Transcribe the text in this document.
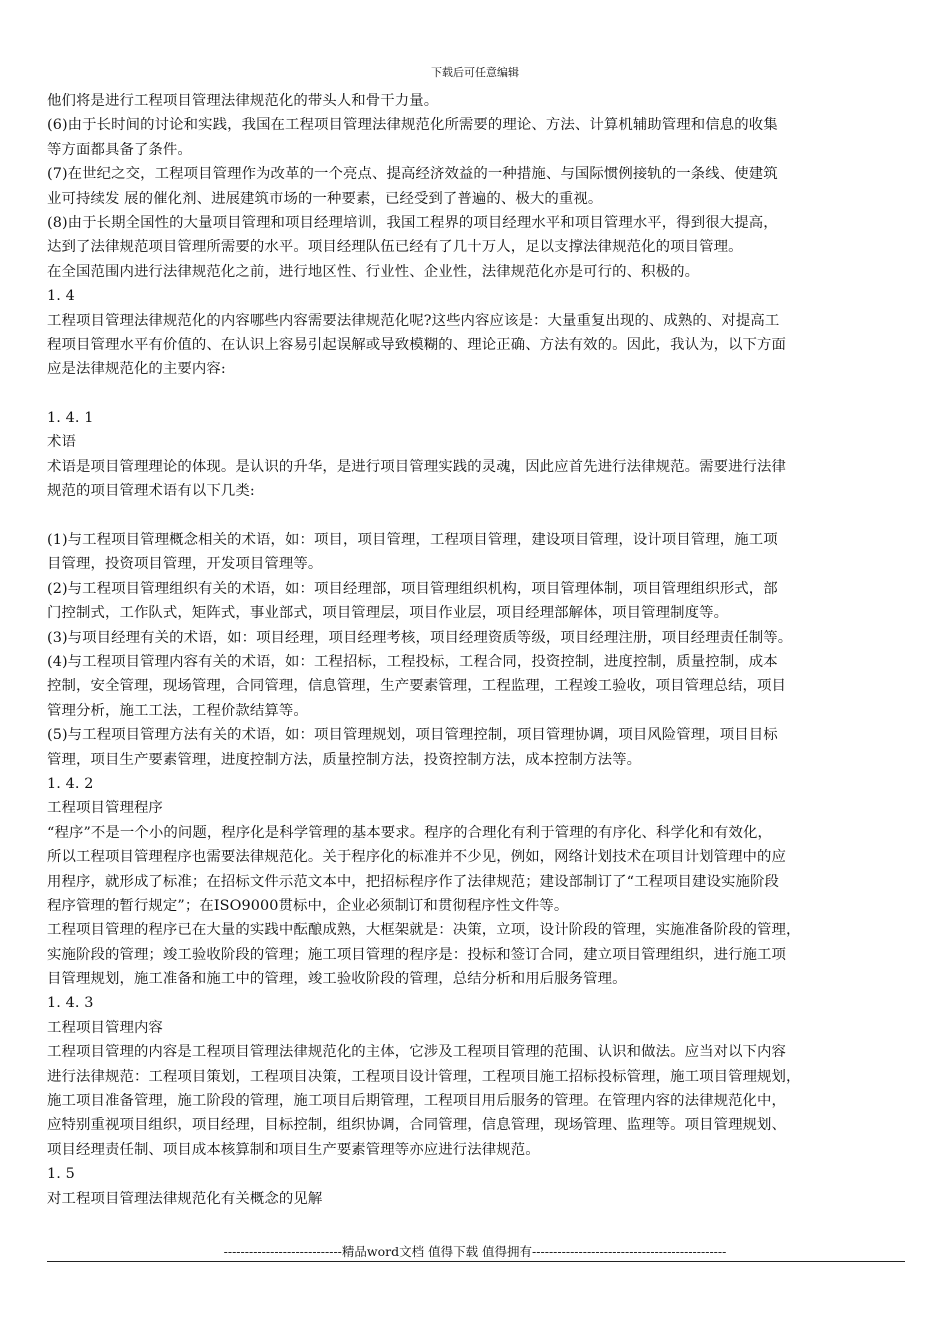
下载后可任意编辑
他们将是进行工程项目管理法律规范化的带头人和骨干力量。
(6)由于长时间的讨论和实践，我国在工程项目管理法律规范化所需要的理论、方法、计算机辅助管理和信息的收集
等方面都具备了条件。
(7)在世纪之交，工程项目管理作为改革的一个亮点、提高经济效益的一种措施、与国际惯例接轨的一条线、使建筑
业可持续发 展的催化剂、进展建筑市场的一种要素，已经受到了普遍的、极大的重视。
(8)由于长期全国性的大量项目管理和项目经理培训，我国工程界的项目经理水平和项目管理水平，得到很大提高，
达到了法律规范项目管理所需要的水平。项目经理队伍已经有了几十万人，足以支撑法律规范化的项目管理。
在全国范围内进行法律规范化之前，进行地区性、行业性、企业性，法律规范化亦是可行的、积极的。
1. 4
工程项目管理法律规范化的内容哪些内容需要法律规范化呢?这些内容应该是：大量重复出现的、成熟的、对提高工
程项目管理水平有价值的、在认识上容易引起误解或导致模糊的、理论正确、方法有效的。因此，我认为，以下方面
应是法律规范化的主要内容:
1. 4. 1
术语
术语是项目管理理论的体现。是认识的升华，是进行项目管理实践的灵魂，因此应首先进行法律规范。需要进行法律
规范的项目管理术语有以下几类:
(1)与工程项目管理概念相关的术语，如：项目，项目管理，工程项目管理，建设项目管理，设计项目管理，施工项
目管理，投资项目管理，开发项目管理等。
(2)与工程项目管理组织有关的术语，如：项目经理部，项目管理组织机构，项目管理体制，项目管理组织形式，部
门控制式，工作队式，矩阵式，事业部式，项目管理层，项目作业层，项目经理部解体，项目管理制度等。
(3)与项目经理有关的术语，如：项目经理，项目经理考核，项目经理资质等级，项目经理注册，项目经理责任制等。
(4)与工程项目管理内容有关的术语，如：工程招标，工程投标，工程合同，投资控制，进度控制，质量控制，成本
控制，安全管理，现场管理，合同管理，信息管理，生产要素管理，工程监理，工程竣工验收，项目管理总结，项目
管理分析，施工工法，工程价款结算等。
(5)与工程项目管理方法有关的术语，如：项目管理规划，项目管理控制，项目管理协调，项目风险管理，项目目标
管理，项目生产要素管理，进度控制方法，质量控制方法，投资控制方法，成本控制方法等。
1. 4. 2
工程项目管理程序
“程序”不是一个小的问题，程序化是科学管理的基本要求。程序的合理化有利于管理的有序化、科学化和有效化，
所以工程项目管理程序也需要法律规范化。关于程序化的标准并不少见，例如，网络计划技术在项目计划管理中的应
用程序，就形成了标准；在招标文件示范文本中，把招标程序作了法律规范；建设部制订了“工程项目建设实施阶段
程序管理的暂行规定”；在ISO9000贯标中，企业必须制订和贯彻程序性文件等。
工程项目管理的程序已在大量的实践中酝酿成熟，大框架就是：决策，立项，设计阶段的管理，实施准备阶段的管理，
实施阶段的管理；竣工验收阶段的管理；施工项目管理的程序是：投标和签订合同，建立项目管理组织，进行施工项
目管理规划，施工准备和施工中的管理，竣工验收阶段的管理，总结分析和用后服务管理。
1. 4. 3
工程项目管理内容
工程项目管理的内容是工程项目管理法律规范化的主体，它涉及工程项目管理的范围、认识和做法。应当对以下内容
进行法律规范：工程项目策划，工程项目决策，工程项目设计管理，工程项目施工招标投标管理，施工项目管理规划，
施工项目准备管理，施工阶段的管理，施工项目后期管理，工程项目用后服务的管理。在管理内容的法律规范化中，
应特别重视项目组织，项目经理，目标控制，组织协调，合同管理，信息管理，现场管理、监理等。项目管理规划、
项目经理责任制、项目成本核算制和项目生产要素管理等亦应进行法律规范。
1. 5
对工程项目管理法律规范化有关概念的见解
----------------------------精品word文档 值得下载 值得拥有----------------------------------------------
